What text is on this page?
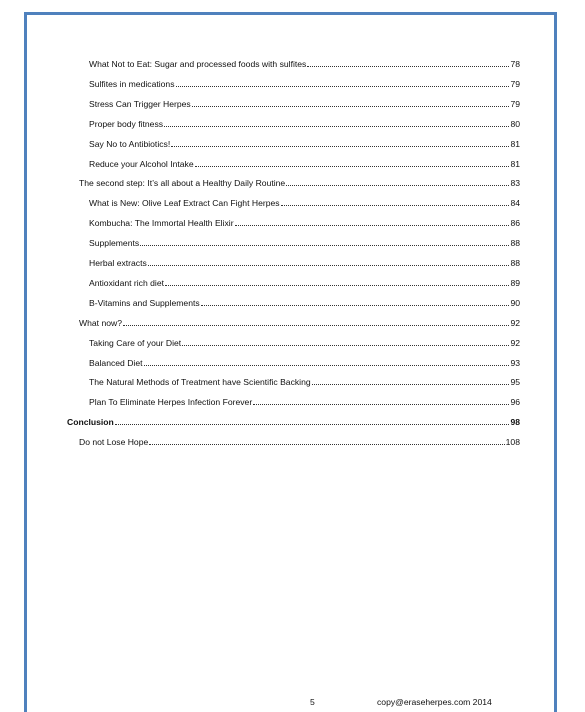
What Not to Eat: Sugar and processed foods with sulfites	78
Sulfites in medications	79
Stress Can Trigger Herpes	79
Proper body fitness	80
Say No to Antibiotics!	81
Reduce your Alcohol Intake	81
The second step: It’s all about a Healthy Daily Routine	83
What is New: Olive Leaf Extract Can Fight Herpes	84
Kombucha: The Immortal Health Elixir	86
Supplements	88
Herbal extracts	88
Antioxidant rich diet	89
B-Vitamins and Supplements	90
What now?	92
Taking Care of your Diet	92
Balanced Diet	93
The Natural Methods of Treatment have Scientific Backing	95
Plan To Eliminate Herpes Infection Forever	96
Conclusion	98
Do not Lose Hope	108
5	copy@eraseherpes.com 2014
